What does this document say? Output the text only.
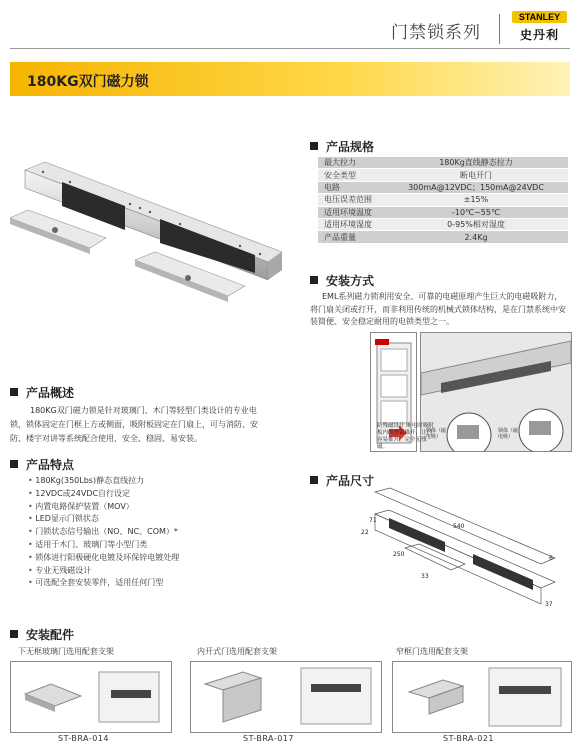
门禁锁系列
STANLEY
史丹利
180KG双门磁力锁
产品规格
最大拉力	180Kg直线静态拉力
安全类型	断电开门
电路	300mA@12VDC；150mA@24VDC
电压误差范围	±15%
适用环境温度	-10℃~55℃
适用环境湿度	0-95%相对湿度
产品重量	2.4Kg
安装方式
EML系列磁力锁利用安全、可靠的电磁原理产生巨大的电磁吸附力，将门扇关闭或打开，而非利用传统的机械式锁体结构，是在门禁系统中安装简便、安全稳定耐用的电锁类型之一。
防残磁设计 断电时吸附板内的弹簧推开，让门容易推开，完全无残磁。
锁体（磁电吸）
锁体（磁电吸）
产品概述
180KG双门磁力锁是针对玻璃门、木门等轻型门类设计的专业电锁，锁体固定在门框上方或侧面，吸附板固定在门扇上，可与消防、安防、楼宇对讲等系统配合使用，安全、稳固、易安装。
产品特点
• 180Kg(350Lbs)静态直线拉力
• 12VDC或24VDC自行设定
• 内置电路保护装置（MOV）
• LED显示门锁状态
• 门锁状态信号输出（NO、NC、COM）*
• 适用于木门、玻璃门等小型门类
• 锁体进行阳极硬化电镀及环保锌电镀处理
• 专业无残磁设计
• 可选配全套安装零件，适用任何门型
产品尺寸
71
540
250
33
37
22
6
安装配件
下无框玻璃门选用配套支架
ST-BRA-014
内开式门选用配套支架
ST-BRA-017
窄框门选用配套支架
ST-BRA-021
